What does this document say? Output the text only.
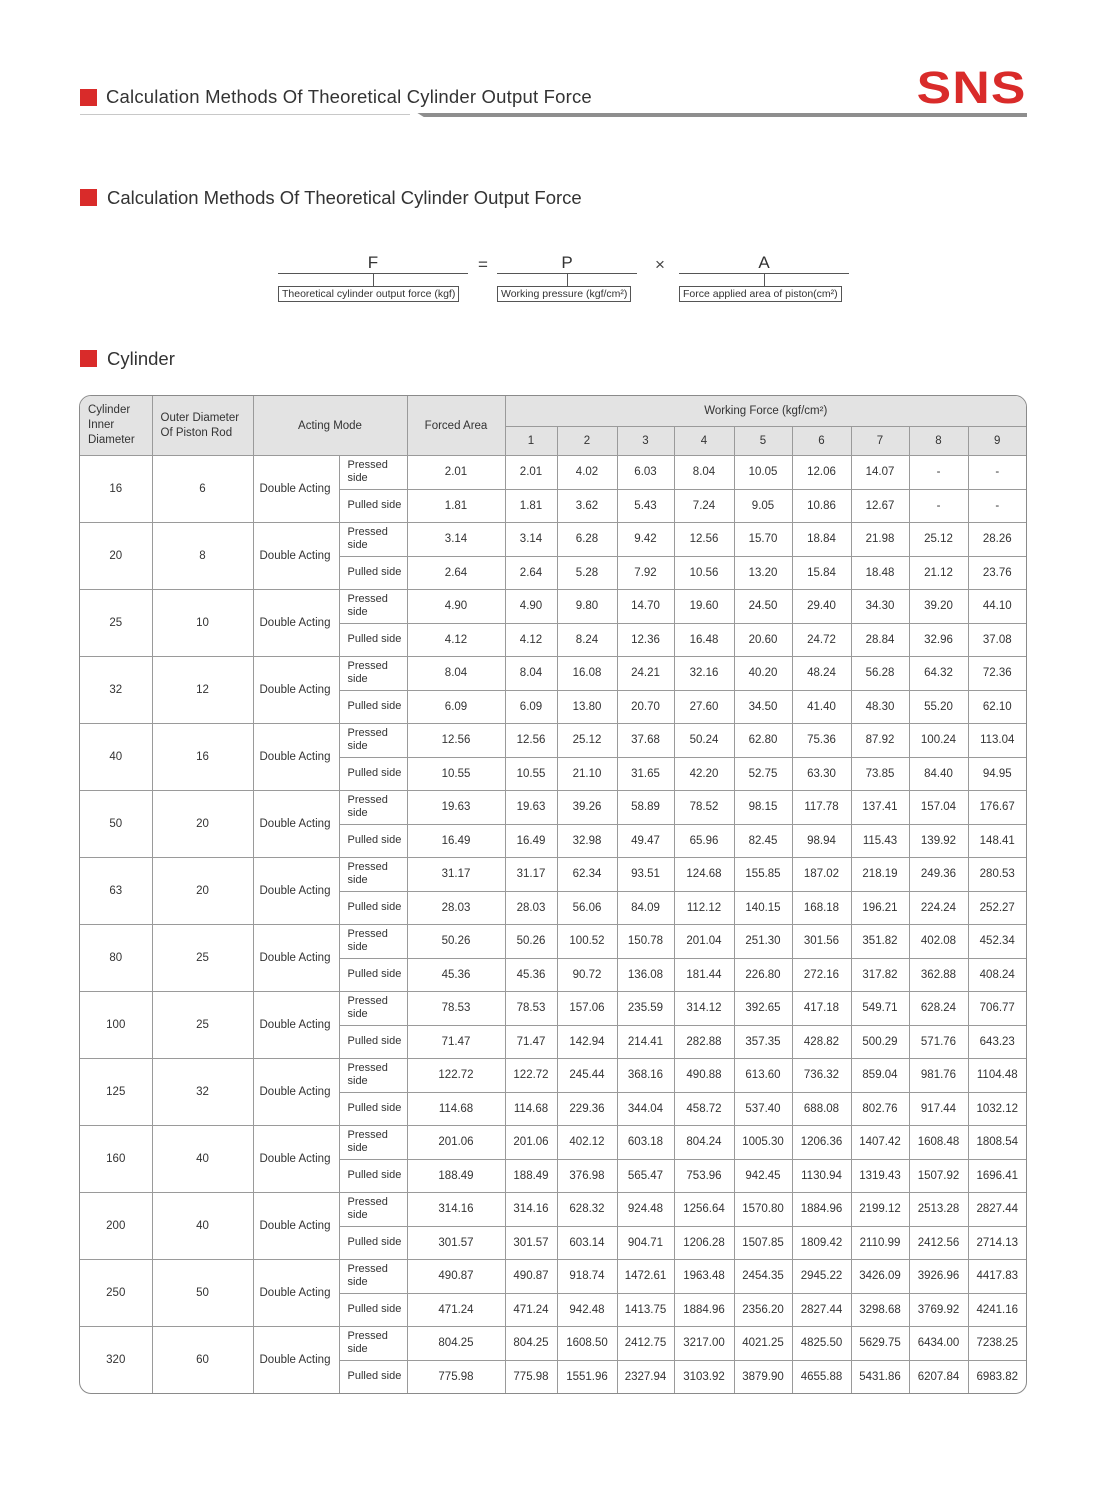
Calculation Methods Of Theoretical Cylinder Output Force	SNS
Calculation Methods Of Theoretical Cylinder Output Force
F
Theoretical cylinder output force (kgf)
=	P
Working pressure (kgf/cm²)
×	A
Force applied area of piston(cm²)
Cylinder
Cylinder Inner Diameter	Outer Diameter Of Piston Rod	Acting Mode		Forced Area	Working Force (kgf/cm²)								
					1	2	3	4	5	6	7	8	9
16	6	Double Acting	Pressed side	2.01	2.01	4.02	6.03	8.04	10.05	12.06	14.07	-	-
			Pulled side	1.81	1.81	3.62	5.43	7.24	9.05	10.86	12.67	-	-
20	8	Double Acting	Pressed side	3.14	3.14	6.28	9.42	12.56	15.70	18.84	21.98	25.12	28.26
			Pulled side	2.64	2.64	5.28	7.92	10.56	13.20	15.84	18.48	21.12	23.76
25	10	Double Acting	Pressed side	4.90	4.90	9.80	14.70	19.60	24.50	29.40	34.30	39.20	44.10
			Pulled side	4.12	4.12	8.24	12.36	16.48	20.60	24.72	28.84	32.96	37.08
32	12	Double Acting	Pressed side	8.04	8.04	16.08	24.21	32.16	40.20	48.24	56.28	64.32	72.36
			Pulled side	6.09	6.09	13.80	20.70	27.60	34.50	41.40	48.30	55.20	62.10
40	16	Double Acting	Pressed side	12.56	12.56	25.12	37.68	50.24	62.80	75.36	87.92	100.24	113.04
			Pulled side	10.55	10.55	21.10	31.65	42.20	52.75	63.30	73.85	84.40	94.95
50	20	Double Acting	Pressed side	19.63	19.63	39.26	58.89	78.52	98.15	117.78	137.41	157.04	176.67
			Pulled side	16.49	16.49	32.98	49.47	65.96	82.45	98.94	115.43	139.92	148.41
63	20	Double Acting	Pressed side	31.17	31.17	62.34	93.51	124.68	155.85	187.02	218.19	249.36	280.53
			Pulled side	28.03	28.03	56.06	84.09	112.12	140.15	168.18	196.21	224.24	252.27
80	25	Double Acting	Pressed side	50.26	50.26	100.52	150.78	201.04	251.30	301.56	351.82	402.08	452.34
			Pulled side	45.36	45.36	90.72	136.08	181.44	226.80	272.16	317.82	362.88	408.24
100	25	Double Acting	Pressed side	78.53	78.53	157.06	235.59	314.12	392.65	417.18	549.71	628.24	706.77
			Pulled side	71.47	71.47	142.94	214.41	282.88	357.35	428.82	500.29	571.76	643.23
125	32	Double Acting	Pressed side	122.72	122.72	245.44	368.16	490.88	613.60	736.32	859.04	981.76	1104.48
			Pulled side	114.68	114.68	229.36	344.04	458.72	537.40	688.08	802.76	917.44	1032.12
160	40	Double Acting	Pressed side	201.06	201.06	402.12	603.18	804.24	1005.30	1206.36	1407.42	1608.48	1808.54
			Pulled side	188.49	188.49	376.98	565.47	753.96	942.45	1130.94	1319.43	1507.92	1696.41
200	40	Double Acting	Pressed side	314.16	314.16	628.32	924.48	1256.64	1570.80	1884.96	2199.12	2513.28	2827.44
			Pulled side	301.57	301.57	603.14	904.71	1206.28	1507.85	1809.42	2110.99	2412.56	2714.13
250	50	Double Acting	Pressed side	490.87	490.87	918.74	1472.61	1963.48	2454.35	2945.22	3426.09	3926.96	4417.83
			Pulled side	471.24	471.24	942.48	1413.75	1884.96	2356.20	2827.44	3298.68	3769.92	4241.16
320	60	Double Acting	Pressed side	804.25	804.25	1608.50	2412.75	3217.00	4021.25	4825.50	5629.75	6434.00	7238.25
			Pulled side	775.98	775.98	1551.96	2327.94	3103.92	3879.90	4655.88	5431.86	6207.84	6983.82
